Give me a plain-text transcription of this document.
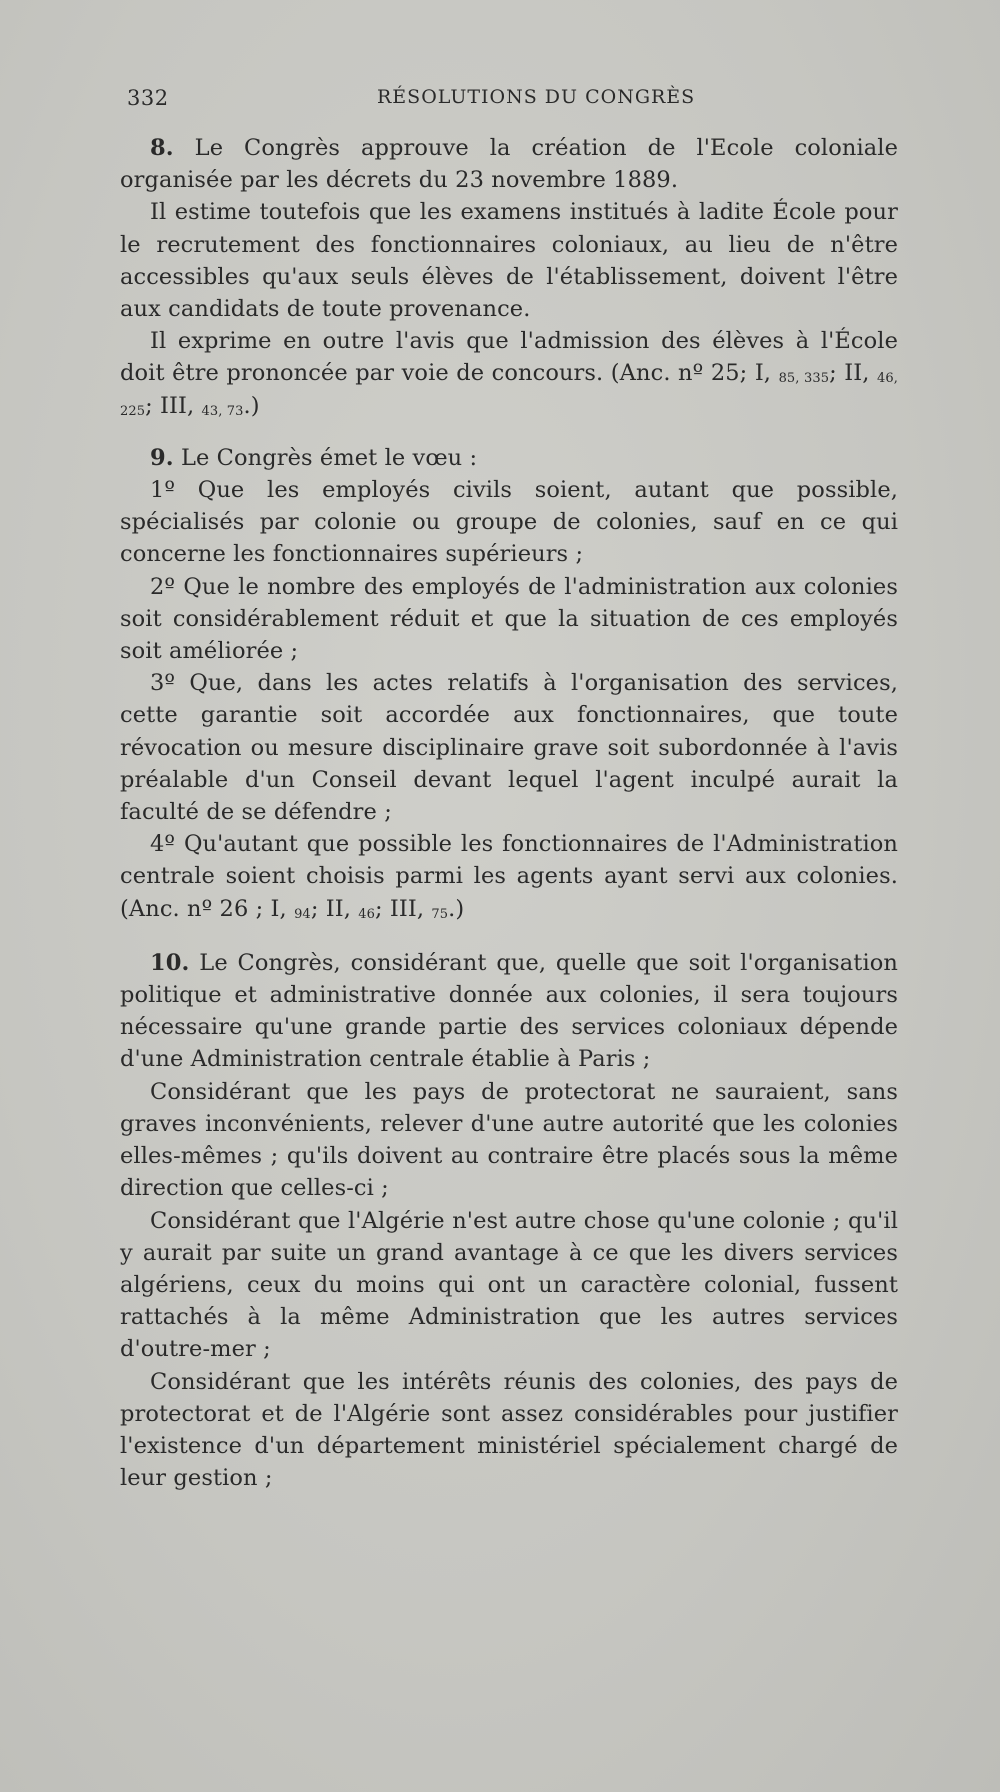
332	RÉSOLUTIONS DU CONGRÈS

8. Le Congrès approuve la création de l'Ecole coloniale organisée par les décrets du 23 novembre 1889.

Il estime toutefois que les examens institués à ladite École pour le recrutement des fonctionnaires coloniaux, au lieu de n'être accessibles qu'aux seuls élèves de l'établissement, doivent l'être aux candidats de toute provenance.

Il exprime en outre l'avis que l'admission des élèves à l'École doit être prononcée par voie de concours. (Anc. nº 25; I, $_{85, 335}$; II, $_{46, 225}$; III, $_{43, 73}$.)

9. Le Congrès émet le vœu :

1º Que les employés civils soient, autant que possible, spécialisés par colonie ou groupe de colonies, sauf en ce qui concerne les fonctionnaires supérieurs ;

2º Que le nombre des employés de l'administration aux colonies soit considérablement réduit et que la situation de ces employés soit améliorée ;

3º Que, dans les actes relatifs à l'organisation des services, cette garantie soit accordée aux fonctionnaires, que toute révocation ou mesure disciplinaire grave soit subordonnée à l'avis préalable d'un Conseil devant lequel l'agent inculpé aurait la faculté de se défendre ;

4º Qu'autant que possible les fonctionnaires de l'Administration centrale soient choisis parmi les agents ayant servi aux colonies. (Anc. nº 26 ; I, $_{94}$; II, $_{46}$; III, $_{75}$.)

10. Le Congrès, considérant que, quelle que soit l'organisation politique et administrative donnée aux colonies, il sera toujours nécessaire qu'une grande partie des services coloniaux dépende d'une Administration centrale établie à Paris ;

Considérant que les pays de protectorat ne sauraient, sans graves inconvénients, relever d'une autre autorité que les colonies elles-mêmes ; qu'ils doivent au contraire être placés sous la même direction que celles-ci ;

Considérant que l'Algérie n'est autre chose qu'une colonie ; qu'il y aurait par suite un grand avantage à ce que les divers services algériens, ceux du moins qui ont un caractère colonial, fussent rattachés à la même Administration que les autres services d'outre-mer ;

Considérant que les intérêts réunis des colonies, des pays de protectorat et de l'Algérie sont assez considérables pour justifier l'existence d'un département ministériel spécialement chargé de leur gestion ;
